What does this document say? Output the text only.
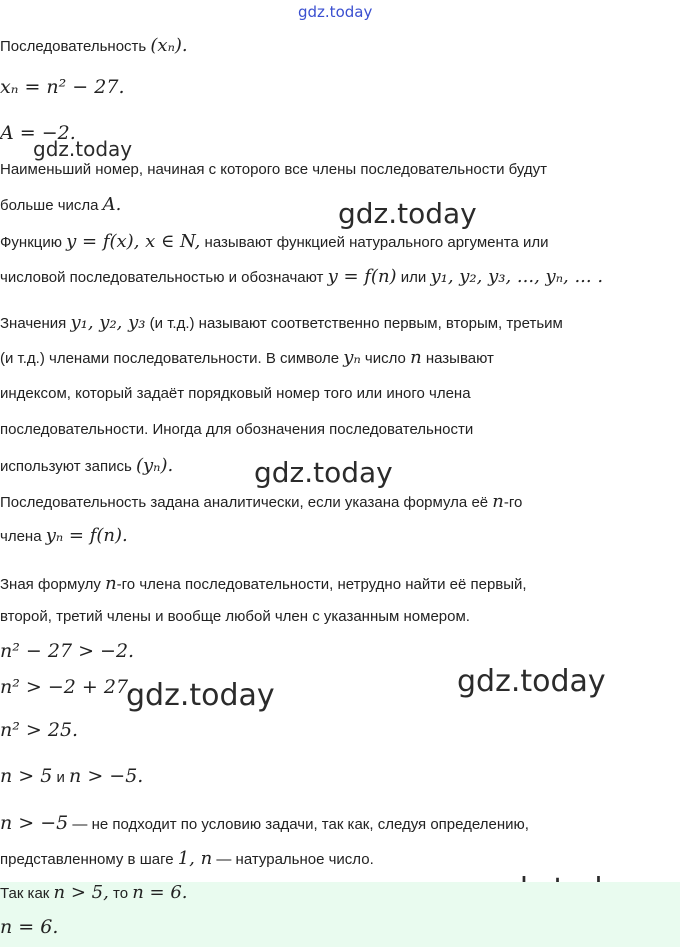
gdz.today
gdz.today
gdz.today
gdz.today
gdz.today	gdz.today
Последовательность (xₙ).
xₙ = n² − 27.
A = −2.
Наименьший номер, начиная с которого все члены последовательности будут
больше числа A.
Функцию y = f(x), x ∈ N, называют функцией натурального аргумента или
числовой последовательностью и обозначают y = f(n) или y₁, y₂, y₃, ..., yₙ, ... .
Значения y₁, y₂, y₃ (и т.д.) называют соответственно первым, вторым, третьим
(и т.д.) членами последовательности. В символе yₙ число n называют
индексом, который задаёт порядковый номер того или иного члена
последовательности. Иногда для обозначения последовательности
используют запись (yₙ).
Последовательность задана аналитически, если указана формула её n-го
члена yₙ = f(n).
Зная формулу n-го члена последовательности, нетрудно найти её первый,
второй, третий члены и вообще любой член с указанным номером.
n² − 27 > −2.
n² > −2 + 27.
n² > 25.
n > 5 и n > −5.
n > −5 — не подходит по условию задачи, так как, следуя определению,
представленному в шаге 1, n — натуральное число.
Так как n > 5, то n = 6.
n = 6.
